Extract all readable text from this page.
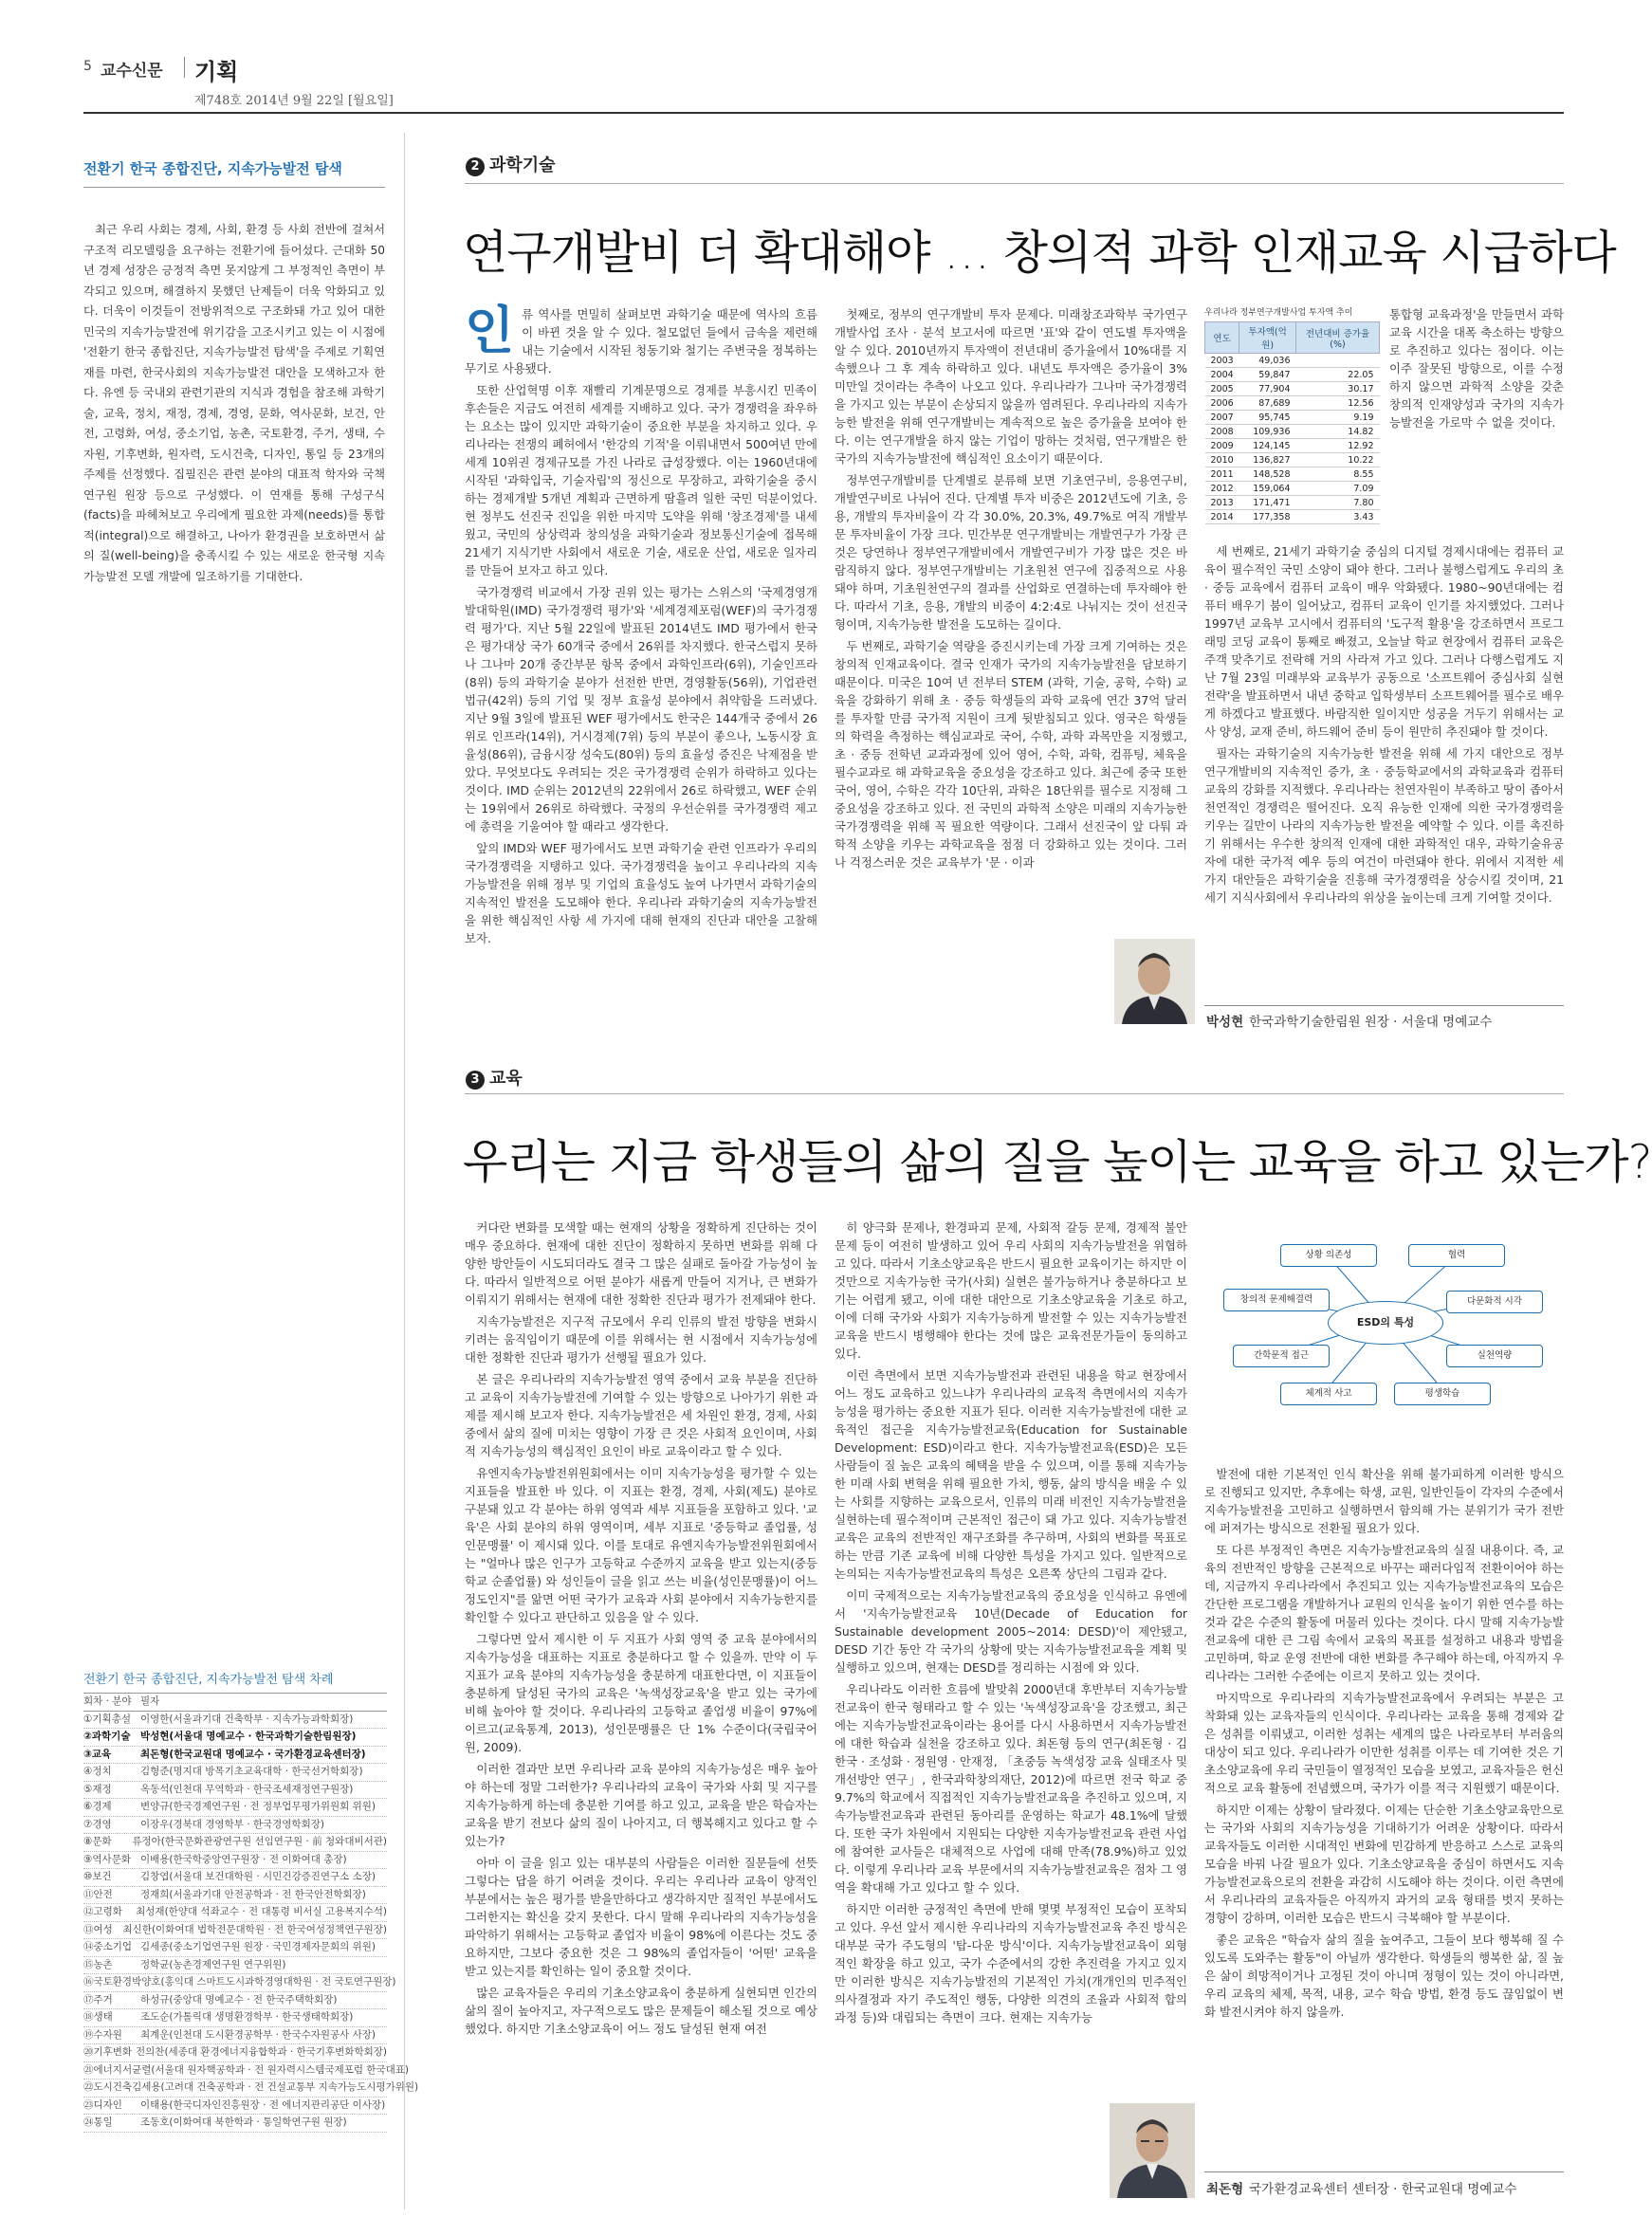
5 교수신문 기획
제748호 2014년 9월 22일 [월요일]
전환기 한국 종합진단, 지속가능발전 탐색

최근 우리 사회는 경제, 사회, 환경 등 사회 전반에 걸쳐서 구조적 리모델링을 요구하는 전환기에 들어섰다. 근대화 50년 경제 성장은 긍정적 측면 못지않게 그 부정적인 측면이 부각되고 있으며, 해결하지 못했던 난제들이 더욱 악화되고 있다. 더욱이 이것들이 전방위적으로 구조화돼 가고 있어 대한민국의 지속가능발전에 위기감을 고조시키고 있는 이 시점에 '전환기 한국 종합진단, 지속가능발전 탐색'을 주제로 기획연재를 마련, 한국사회의 지속가능발전 대안을 모색하고자 한다. 유엔 등 국내외 관련기관의 지식과 경험을 참조해 과학기술, 교육, 정치, 재정, 경제, 경영, 문화, 역사문화, 보건, 안전, 고령화, 여성, 중소기업, 농촌, 국토환경, 주거, 생태, 수자원, 기후변화, 원자력, 도시건축, 디자인, 통일 등 23개의 주제를 선정했다. 집필진은 관련 분야의 대표적 학자와 국책연구원 원장 등으로 구성했다. 이 연재를 통해 구성구식(facts)을 파헤쳐보고 우리에게 필요한 과제(needs)를 통합적(integral)으로 해결하고, 나아가 환경권을 보호하면서 삶의 질(well-being)을 충족시킬 수 있는 새로운 한국형 지속가능발전 모델 개발에 일조하기를 기대한다.

전환기 한국 종합진단, 지속가능발전 탐색 차례
회차 · 분야 필자
①기획총설 이영한(서울과기대 건축학부 · 지속가능과학회장)
②과학기술	박성현(서울대 명예교수 · 한국과학기술한림원장)
③교육	최돈형(한국교원대 명예교수 · 국가환경교육센터장)
④정치	김형준(명지대 방목기초교육대학 · 한국선거학회장)
⑤재정	옥동석(인천대 무역학과 · 한국조세재정연구원장)
⑥경제	변양규(한국경제연구원 · 전 정부업무평가위원회 위원)
⑦경영	이장우(경북대 경영학부 · 한국경영학회장)
⑧문화	류정아(한국문화관광연구원 선임연구원 · 前 청와대비서관)
⑨역사문화 이배용(한국학중앙연구원장 · 전 이화여대 총장)
⑩보건	김창엽(서울대 보건대학원 · 시민건강증진연구소 소장)
⑪안전	정재희(서울과기대 안전공학과 · 전 한국안전학회장)
⑫고령화	최성재(한양대 석좌교수 · 전 대통령 비서실 고용복지수석)
⑬여성	최신한(이화여대 법학전문대학원 · 전 한국여성정책연구원장)
⑭중소기업 김세종(중소기업연구원 원장 · 국민경제자문회의 위원)
⑮농촌	정학균(농촌경제연구원 연구위원)
⑯국토환경 박양호(홍익대 스마트도시과학경영대학원 · 전 국토연구원장)
⑰주거	하성규(중앙대 명예교수 · 전 한국주택학회장)
⑱생태	조도순(가톨릭대 생명환경학부 · 한국생태학회장)
⑲수자원	최계운(인천대 도시환경공학부 · 한국수자원공사 사장)
⑳기후변화 전의찬(세종대 환경에너지융합학과 · 한국기후변화학회장)
㉑에너지 서균렬(서울대 원자핵공학과 · 전 원자력시스템국제포럼 한국대표)
㉒도시건축 김세용(고려대 건축공학과 · 전 건설교통부 지속가능도시평가위원)
㉓디자인	이태용(한국디자인진흥원장 · 전 에너지관리공단 이사장)
㉔통일	조동호(이화여대 북한학과 · 통일학연구원 원장)
2 과학기술
연구개발비 더 확대해야 … 창의적 과학 인재교육 시급하다
인 류 역사를 면밀히 살펴보면 과학기술 때문에 역사의 흐름이 바뀐 것을 알 수 있다. 철모없던 들에서 금속을 제련해 내는 기술에서 시작된 청동기와 철기는 주변국을 정복하는 무기로 사용됐다.

또한 산업혁명 이후 재빨리 기계문명으로 경제를 부흥시킨 민족이 후손들은 지금도 여전히 세계를 지배하고 있다. 국가 경쟁력을 좌우하는 요소는 많이 있지만 과학기술이 중요한 부분을 차지하고 있다. 우리나라는 전쟁의 폐허에서 '한강의 기적'을 이뤄내면서 500여년 만에 세계 10위권 경제규모를 가진 나라로 급성장했다. 이는 1960년대에 시작된 '과학입국, 기술자립'의 정신으로 무장하고, 과학기술을 중시하는 경제개발 5개년 계획과 근면하게 땀흘려 일한 국민 덕분이었다. 현 정부도 선진국 진입을 위한 마지막 도약을 위해 '창조경제'를 내세웠고, 국민의 상상력과 창의성을 과학기술과 정보통신기술에 접목해 21세기 지식기반 사회에서 새로운 기술, 새로운 산업, 새로운 일자리를 만들어 보자고 하고 있다.

국가경쟁력 비교에서 가장 권위 있는 평가는 스위스의 '국제경영개발대학원(IMD) 국가경쟁력 평가'와 '세계경제포럼(WEF)의 국가경쟁력 평가'다. 지난 5월 22일에 발표된 2014년도 IMD 평가에서 한국은 평가대상 국가 60개국 중에서 26위를 차지했다. 한국스럽지 못하나 그나마 20개 중간부문 항목 중에서 과학인프라(6위), 기술인프라(8위) 등의 과학기술 분야가 선전한 반면, 경영활동(56위), 기업관련 법규(42위) 등의 기업 및 정부 효율성 분야에서 취약함을 드러냈다. 지난 9월 3일에 발표된 WEF 평가에서도 한국은 144개국 중에서 26위로 인프라(14위), 거시경제(7위) 등의 부분이 좋으나, 노동시장 효율성(86위), 금융시장 성숙도(80위) 등의 효율성 증진은 낙제점을 받았다. 무엇보다도 우려되는 것은 국가경쟁력 순위가 하락하고 있다는 것이다. IMD 순위는 2012년의 22위에서 26로 하락했고, WEF 순위는 19위에서 26위로 하락했다. 국정의 우선순위를 국가경쟁력 제고에 총력을 기울여야 할 때라고 생각한다.

앞의 IMD와 WEF 평가에서도 보면 과학기술 관련 인프라가 우리의 국가경쟁력을 지탱하고 있다. 국가경쟁력을 높이고 우리나라의 지속가능발전을 위해 정부 및 기업의 효율성도 높여 나가면서 과학기술의 지속적인 발전을 도모해야 한다. 우리나라 과학기술의 지속가능발전을 위한 핵심적인 사항 세 가지에 대해 현재의 진단과 대안을 고찰해 보자.

첫째로, 정부의 연구개발비 투자 문제다. 미래창조과학부 국가연구개발사업 조사 · 분석 보고서에 따르면 '표'와 같이 연도별 투자액을 알 수 있다. 2010년까지 투자액이 전년대비 증가율에서 10%대를 지속했으나 그 후 계속 하락하고 있다. 내년도 투자액은 증가율이 3% 미만일 것이라는 추측이 나오고 있다. 우리나라가 그나마 국가경쟁력을 가지고 있는 부분이 손상되지 않을까 염려된다. 우리나라의 지속가능한 발전을 위해 연구개발비는 계속적으로 높은 증가율을 보여야 한다. 이는 연구개발을 하지 않는 기업이 망하는 것처럼, 연구개발은 한 국가의 지속가능발전에 핵심적인 요소이기 때문이다.

정부연구개발비를 단계별로 분류해 보면 기초연구비, 응용연구비, 개발연구비로 나뉘어 진다. 단계별 투자 비중은 2012년도에 기초, 응용, 개발의 투자비율이 각 각 30.0%, 20.3%, 49.7%로 여직 개발부문 투자비율이 가장 크다. 민간부문 연구개발비는 개발연구가 가장 큰 것은 당연하나 정부연구개발비에서 개발연구비가 가장 많은 것은 바람직하지 않다. 정부연구개발비는 기초원천 연구에 집중적으로 사용돼야 하며, 기초원천연구의 결과를 산업화로 연결하는데 투자해야 한다. 따라서 기초, 응용, 개발의 비중이 4:2:4로 나눠지는 것이 선진국 형이며, 지속가능한 발전을 도모하는 길이다.

두 번째로, 과학기술 역량을 증진시키는데 가장 크게 기여하는 것은 창의적 인재교육이다. 결국 인재가 국가의 지속가능발전을 담보하기 때문이다. 미국은 10여 년 전부터 STEM (과학, 기술, 공학, 수학) 교육을 강화하기 위해 초 · 중등 학생들의 과학 교육에 연간 37억 달러를 투자할 만큼 국가적 지원이 크게 뒷받침되고 있다. 영국은 학생들의 학력을 측정하는 핵심교과로 국어, 수학, 과학 과목만을 지정했고, 초 · 중등 전학년 교과과정에 있어 영어, 수학, 과학, 컴퓨팅, 체육을 필수교과로 해 과학교육을 중요성을 강조하고 있다. 최근에 중국 또한 국어, 영어, 수학은 각각 10단위, 과학은 18단위를 필수로 지정해 그 중요성을 강조하고 있다. 전 국민의 과학적 소양은 미래의 지속가능한 국가경쟁력을 위해 꼭 필요한 역량이다. 그래서 선진국이 앞 다퉈 과학적 소양을 키우는 과학교육을 점점 더 강화하고 있는 것이다. 그러나 걱정스러운 것은 교육부가 '문 · 이과

우리나라 정부연구개발사업 투자액 추이
연도	투자액(억원)	전년대비 증가율(%)
2003	49,036	
2004	59,847	22.05
2005	77,904	30.17
2006	87,689	12.56
2007	95,745	9.19
2008	109,936	14.82
2009	124,145	12.92
2010	136,827	10.22
2011	148,528	8.55
2012	159,064	7.09
2013	171,471	7.80
2014	177,358	3.43

통합형 교육과정'을 만들면서 과학교육 시간을 대폭 축소하는 방향으로 추진하고 있다는 점이다. 이는 이주 잘못된 방향으로, 이를 수정하지 않으면 과학적 소양을 갖춘 창의적 인재양성과 국가의 지속가능발전을 가로막 수 없을 것이다.

세 번째로, 21세기 과학기술 중심의 디지털 경제시대에는 컴퓨터 교육이 필수적인 국민 소양이 돼야 한다. 그러나 불행스럽게도 우리의 초 · 중등 교육에서 컴퓨터 교육이 매우 악화됐다. 1980~90년대에는 컴퓨터 배우기 붐이 일어났고, 컴퓨터 교육이 인기를 차지했었다. 그러나 1997년 교육부 고시에서 컴퓨터의 '도구적 활용'을 강조하면서 프로그래밍 코딩 교육이 통째로 빠졌고, 오늘날 학교 현장에서 컴퓨터 교육은 주객 맞추기로 전락해 거의 사라져 가고 있다. 그러나 다행스럽게도 지난 7월 23일 미래부와 교육부가 공동으로 '소프트웨어 중심사회 실현전략'을 발표하면서 내년 중학교 입학생부터 소프트웨어를 필수로 배우게 하겠다고 발표했다. 바람직한 일이지만 성공을 거두기 위해서는 교사 양성, 교재 준비, 하드웨어 준비 등이 원만히 추진돼야 할 것이다.

필자는 과학기술의 지속가능한 발전을 위해 세 가지 대안으로 정부 연구개발비의 지속적인 증가, 초 · 중등학교에서의 과학교육과 컴퓨터 교육의 강화를 지적했다. 우리나라는 천연자원이 부족하고 땅이 좁아서 천연적인 경쟁력은 떨어진다. 오직 유능한 인재에 의한 국가경쟁력을 키우는 길만이 나라의 지속가능한 발전을 예약할 수 있다. 이를 촉진하기 위해서는 우수한 창의적 인재에 대한 과학적인 대우, 과학기술유공자에 대한 국가적 예우 등의 여건이 마련돼야 한다. 위에서 지적한 세 가지 대안들은 과학기술을 진흥해 국가경쟁력을 상승시킬 것이며, 21세기 지식사회에서 우리나라의 위상을 높이는데 크게 기여할 것이다.

박성현 한국과학기술한림원 원장 · 서울대 명예교수
3 교육
우리는 지금 학생들의 삶의 질을 높이는 교육을 하고 있는가?

커다란 변화를 모색할 때는 현재의 상황을 정확하게 진단하는 것이 매우 중요하다. 현재에 대한 진단이 정확하지 못하면 변화를 위해 다양한 방안들이 시도되더라도 결국 그 많은 실패로 돌아갈 가능성이 높다. 따라서 일반적으로 어떤 분야가 새롭게 만들어 지거나, 큰 변화가 이뤄지기 위해서는 현재에 대한 정확한 진단과 평가가 전제돼야 한다.

지속가능발전은 지구적 규모에서 우리 인류의 발전 방향을 변화시키려는 움직임이기 때문에 이를 위해서는 현 시점에서 지속가능성에 대한 정확한 진단과 평가가 선행될 필요가 있다.

본 글은 우리나라의 지속가능발전 영역 중에서 교육 부분을 진단하고 교육이 지속가능발전에 기여할 수 있는 방향으로 나아가기 위한 과제를 제시해 보고자 한다. 지속가능발전은 세 차원인 환경, 경제, 사회 중에서 삶의 질에 미치는 영향이 가장 큰 것은 사회적 요인이며, 사회적 지속가능성의 핵심적인 요인이 바로 교육이라고 할 수 있다.

유엔지속가능발전위원회에서는 이미 지속가능성을 평가할 수 있는 지표들을 발표한 바 있다. 이 지표는 환경, 경제, 사회(제도) 분야로 구분돼 있고 각 분야는 하위 영역과 세부 지표들을 포함하고 있다. '교육'은 사회 분야의 하위 영역이며, 세부 지표로 '중등학교 졸업률, 성인문맹률' 이 제시돼 있다. 이를 토대로 유엔지속가능발전위원회에서는 "얼마나 많은 인구가 고등학교 수준까지 교육을 받고 있는지(중등학교 순졸업률) 와 성인들이 글을 읽고 쓰는 비율(성인문맹률)이 어느 정도인지"를 앎면 어떤 국가가 교육과 사회 분야에서 지속가능한지를 확인할 수 있다고 판단하고 있음을 알 수 있다.

그렇다면 앞서 제시한 이 두 지표가 사회 영역 중 교육 분야에서의 지속가능성을 대표하는 지표로 충분하다고 할 수 있을까. 만약 이 두 지표가 교육 분야의 지속가능성을 충분하게 대표한다면, 이 지표들이 충분하게 달성된 국가의 교육은 '녹색성장교육'을 받고 있는 국가에 비해 높아야 할 것이다. 우리나라의 고등학교 졸업생 비율이 97%에 이르고(교육통계, 2013), 성인문맹률은 단 1% 수준이다(국립국어원, 2009).

이러한 결과만 보면 우리나라 교육 분야의 지속가능성은 매우 높아야 하는데 정말 그러한가? 우리나라의 교육이 국가와 사회 및 지구를 지속가능하게 하는데 충분한 기여를 하고 있고, 교육을 받은 학습자는 교육을 받기 전보다 삶의 질이 나아지고, 더 행복해지고 있다고 할 수 있는가?

아마 이 글을 읽고 있는 대부분의 사람들은 이러한 질문들에 선뜻 그렇다는 답을 하기 어려울 것이다. 우리는 우리나라 교육이 양적인 부분에서는 높은 평가를 받을만하다고 생각하지만 질적인 부분에서도 그러한지는 확신을 갖지 못한다. 다시 말해 우리나라의 지속가능성을 파악하기 위해서는 고등학교 졸업자 비율이 98%에 이른다는 것도 중요하지만, 그보다 중요한 것은 그 98%의 졸업자들이 '어떤' 교육을 받고 있는지를 확인하는 일이 중요할 것이다.

많은 교육자들은 우리의 기초소양교육이 충분하게 실현되면 인간의 삶의 질이 높아지고, 자구적으로도 많은 문제들이 해소될 것으로 예상했었다. 하지만 기초소양교육이 어느 정도 달성된 현재 여전

히 양극화 문제나, 환경파괴 문제, 사회적 갈등 문제, 경제적 불안 문제 등이 여전히 발생하고 있어 우리 사회의 지속가능발전을 위협하고 있다. 따라서 기초소양교육은 반드시 필요한 교육이기는 하지만 이것만으로 지속가능한 국가(사회) 실현은 불가능하거나 충분하다고 보기는 어렵게 됐고, 이에 대한 대안으로 기초소양교육을 기초로 하고, 이에 더해 국가와 사회가 지속가능하게 발전할 수 있는 지속가능발전교육을 반드시 병행해야 한다는 것에 많은 교육전문가들이 동의하고 있다.

이런 측면에서 보면 지속가능발전과 관련된 내용을 학교 현장에서 어느 정도 교육하고 있느냐가 우리나라의 교육적 측면에서의 지속가능성을 평가하는 중요한 지표가 된다. 이러한 지속가능발전에 대한 교육적인 접근을 지속가능발전교육(Education for Sustainable Development: ESD)이라고 한다. 지속가능발전교육(ESD)은 모든 사람들이 질 높은 교육의 혜택을 받을 수 있으며, 이를 통해 지속가능한 미래 사회 변혁을 위해 필요한 가치, 행동, 삶의 방식을 배울 수 있는 사회를 지향하는 교육으로서, 인류의 미래 비전인 지속가능발전을 실현하는데 필수적이며 근본적인 접근이 돼 가고 있다. 지속가능발전교육은 교육의 전반적인 재구조화를 추구하며, 사회의 변화를 목표로 하는 만큼 기존 교육에 비해 다양한 특성을 가지고 있다. 일반적으로 논의되는 지속가능발전교육의 특성은 오른쪽 상단의 그림과 같다.

이미 국제적으로는 지속가능발전교육의 중요성을 인식하고 유엔에서 '지속가능발전교육 10년(Decade of Education for Sustainable development 2005~2014: DESD)'이 제안됐고, DESD 기간 동안 각 국가의 상황에 맞는 지속가능발전교육을 계획 및 실행하고 있으며, 현재는 DESD를 정리하는 시점에 와 있다.

우리나라도 이러한 흐름에 발맞춰 2000년대 후반부터 지속가능발전교육이 한국 형태라고 할 수 있는 '녹색성장교육'을 강조했고, 최근에는 지속가능발전교육이라는 용어를 다시 사용하면서 지속가능발전에 대한 학습과 실천을 강조하고 있다. 최돈형 등의 연구(최돈형 · 김한국 · 조성화 · 정원영 · 안재정, 「초중등 녹색성장 교육 실태조사 및 개선방안 연구」, 한국과학창의재단, 2012)에 따르면 전국 학교 중 9.7%의 학교에서 직접적인 지속가능발전교육을 추진하고 있으며, 지속가능발전교육과 관련된 동아리를 운영하는 학교가 48.1%에 달했다. 또한 국가 차원에서 지원되는 다양한 지속가능발전교육 관련 사업에 참여한 교사들은 대체적으로 사업에 대해 만족(78.9%)하고 있었다. 이렇게 우리나라 교육 부문에서의 지속가능발전교육은 점차 그 영역을 확대해 가고 있다고 할 수 있다.

하지만 이러한 긍정적인 측면에 반해 몇몇 부정적인 모습이 포착되고 있다. 우선 앞서 제시한 우리나라의 지속가능발전교육 추진 방식은 대부분 국가 주도형의 '탑-다운 방식'이다. 지속가능발전교육이 외형적인 확장을 하고 있고, 국가 수준에서의 강한 추진력을 가지고 있지만 이러한 방식은 지속가능발전의 기본적인 가치(개개인의 민주적인 의사결정과 자기 주도적인 행동, 다양한 의견의 조율과 사회적 합의 과정 등)와 대립되는 측면이 크다. 현재는 지속가능

ESD의 특성
상황 의존성	협력
창의적 문제해결력	다문화적 시각
간학문적 접근	실천역량
체계적 사고	평생학습

발전에 대한 기본적인 인식 확산을 위해 불가피하게 이러한 방식으로 진행되고 있지만, 추후에는 학생, 교원, 일반인들이 각자의 수준에서 지속가능발전을 고민하고 실행하면서 함의해 가는 분위기가 국가 전반에 퍼져가는 방식으로 전환될 필요가 있다.

또 다른 부정적인 측면은 지속가능발전교육의 실질 내용이다. 즉, 교육의 전반적인 방향을 근본적으로 바꾸는 패러다임적 전환이어야 하는데, 지금까지 우리나라에서 추진되고 있는 지속가능발전교육의 모습은 간단한 프로그램을 개발하거나 교원의 인식을 높이기 위한 연수를 하는 것과 같은 수준의 활동에 머물러 있다는 것이다. 다시 말해 지속가능발전교육에 대한 큰 그림 속에서 교육의 목표를 설정하고 내용과 방법을 고민하며, 학교 운영 전반에 대한 변화를 추구해야 하는데, 아직까지 우리나라는 그러한 수준에는 이르지 못하고 있는 것이다.

마지막으로 우리나라의 지속가능발전교육에서 우려되는 부분은 고착화돼 있는 교육자들의 인식이다. 우리나라는 교육을 통해 경제와 같은 성취를 이뤄냈고, 이러한 성취는 세계의 많은 나라로부터 부러움의 대상이 되고 있다. 우리나라가 이만한 성취를 이루는 데 기여한 것은 기초소양교육에 우리 국민들이 열정적인 모습을 보였고, 교육자들은 헌신적으로 교육 활동에 전념했으며, 국가가 이를 적극 지원했기 때문이다.

하지만 이제는 상황이 달라졌다. 이제는 단순한 기초소양교육만으로는 국가와 사회의 지속가능성을 기대하기가 어려운 상황이다. 따라서 교육자들도 이러한 시대적인 변화에 민감하게 반응하고 스스로 교육의 모습을 바꿔 나갈 필요가 있다. 기초소양교육을 중심이 하면서도 지속가능발전교육으로의 전환을 과감히 시도해야 하는 것이다. 이런 측면에서 우리나라의 교육자들은 아직까지 과거의 교육 형태를 벗지 못하는 경향이 강하며, 이러한 모습은 반드시 극복해야 할 부분이다.

좋은 교육은 "학습자 삶의 질을 높여주고, 그들이 보다 행복해 질 수 있도록 도와주는 활동"이 아닐까 생각한다. 학생들의 행복한 삶, 질 높은 삶이 희망적이거나 고정된 것이 아니며 정형이 있는 것이 아니라면, 우리 교육의 체제, 목적, 내용, 교수 학습 방법, 환경 등도 끊임없이 변화 발전시켜야 하지 않을까.

최돈형 국가환경교육센터 센터장 · 한국교원대 명예교수
